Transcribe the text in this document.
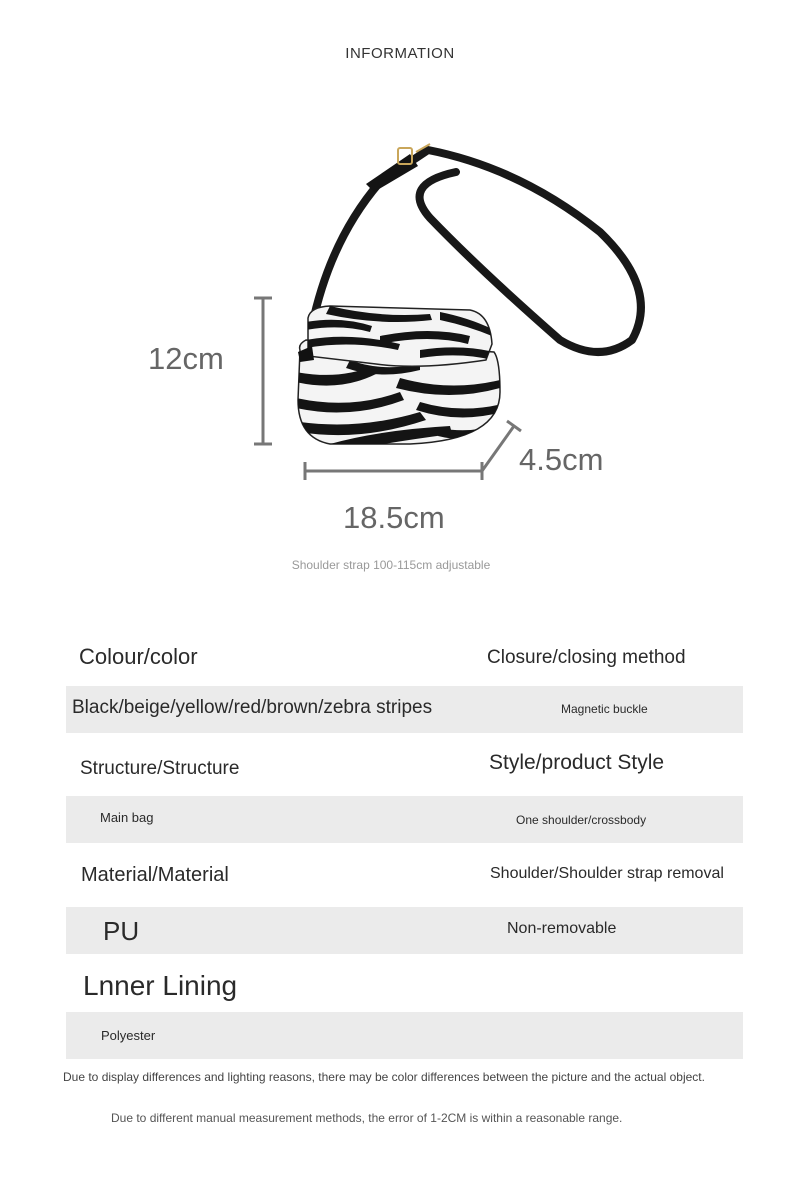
INFORMATION
12cm
4.5cm
18.5cm
Shoulder strap 100-115cm adjustable
Colour/color	Closure/closing method
Black/beige/yellow/red/brown/zebra stripes	Magnetic buckle
Structure/Structure	Style/product Style
Main bag	One shoulder/crossbody
Material/Material	Shoulder/Shoulder strap removal
PU	Non-removable
Lnner Lining
Polyester
Due to display differences and lighting reasons, there may be color differences between the picture and the actual object.
Due to different manual measurement methods, the error of 1-2CM is within a reasonable range.
